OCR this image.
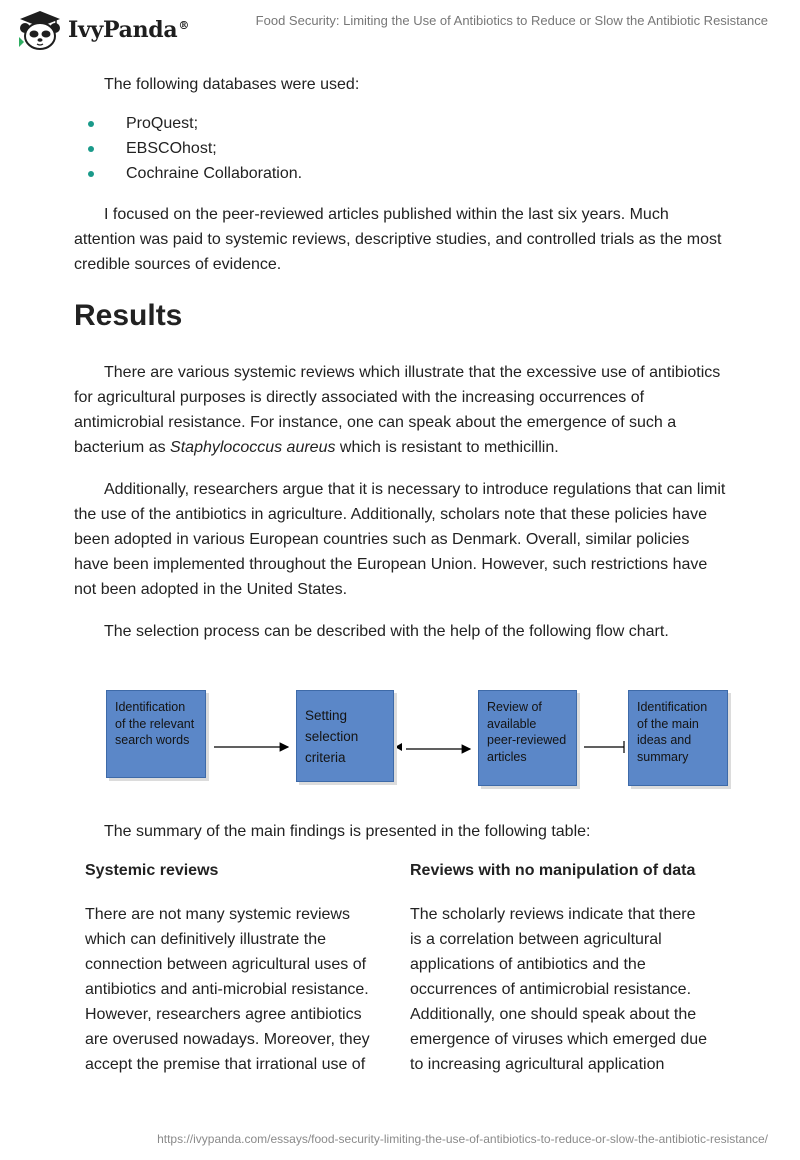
IvyPanda®	Food Security: Limiting the Use of Antibiotics to Reduce or Slow the Antibiotic Resistance

The following databases were used:

ProQuest;
EBSCOhost;
Cochraine Collaboration.

I focused on the peer-reviewed articles published within the last six years. Much attention was paid to systemic reviews, descriptive studies, and controlled trials as the most credible sources of evidence.

Results

There are various systemic reviews which illustrate that the excessive use of antibiotics for agricultural purposes is directly associated with the increasing occurrences of antimicrobial resistance. For instance, one can speak about the emergence of such a bacterium as Staphylococcus aureus which is resistant to methicillin.

Additionally, researchers argue that it is necessary to introduce regulations that can limit the use of the antibiotics in agriculture. Additionally, scholars note that these policies have been adopted in various European countries such as Denmark. Overall, similar policies have been implemented throughout the European Union. However, such restrictions have not been adopted in the United States.

The selection process can be described with the help of the following flow chart.

Identification of the relevant search words
Setting selection criteria
Review of available peer-reviewed articles
Identification of the main ideas and summary

The summary of the main findings is presented in the following table:

Systemic reviews
There are not many systemic reviews which can definitively illustrate the connection between agricultural uses of antibiotics and anti-microbial resistance. However, researchers agree antibiotics are overused nowadays. Moreover, they accept the premise that irrational use of
Reviews with no manipulation of data
The scholarly reviews indicate that there is a correlation between agricultural applications of antibiotics and the occurrences of antimicrobial resistance. Additionally, one should speak about the emergence of viruses which emerged due to increasing agricultural application
https://ivypanda.com/essays/food-security-limiting-the-use-of-antibiotics-to-reduce-or-slow-the-antibiotic-resistance/
